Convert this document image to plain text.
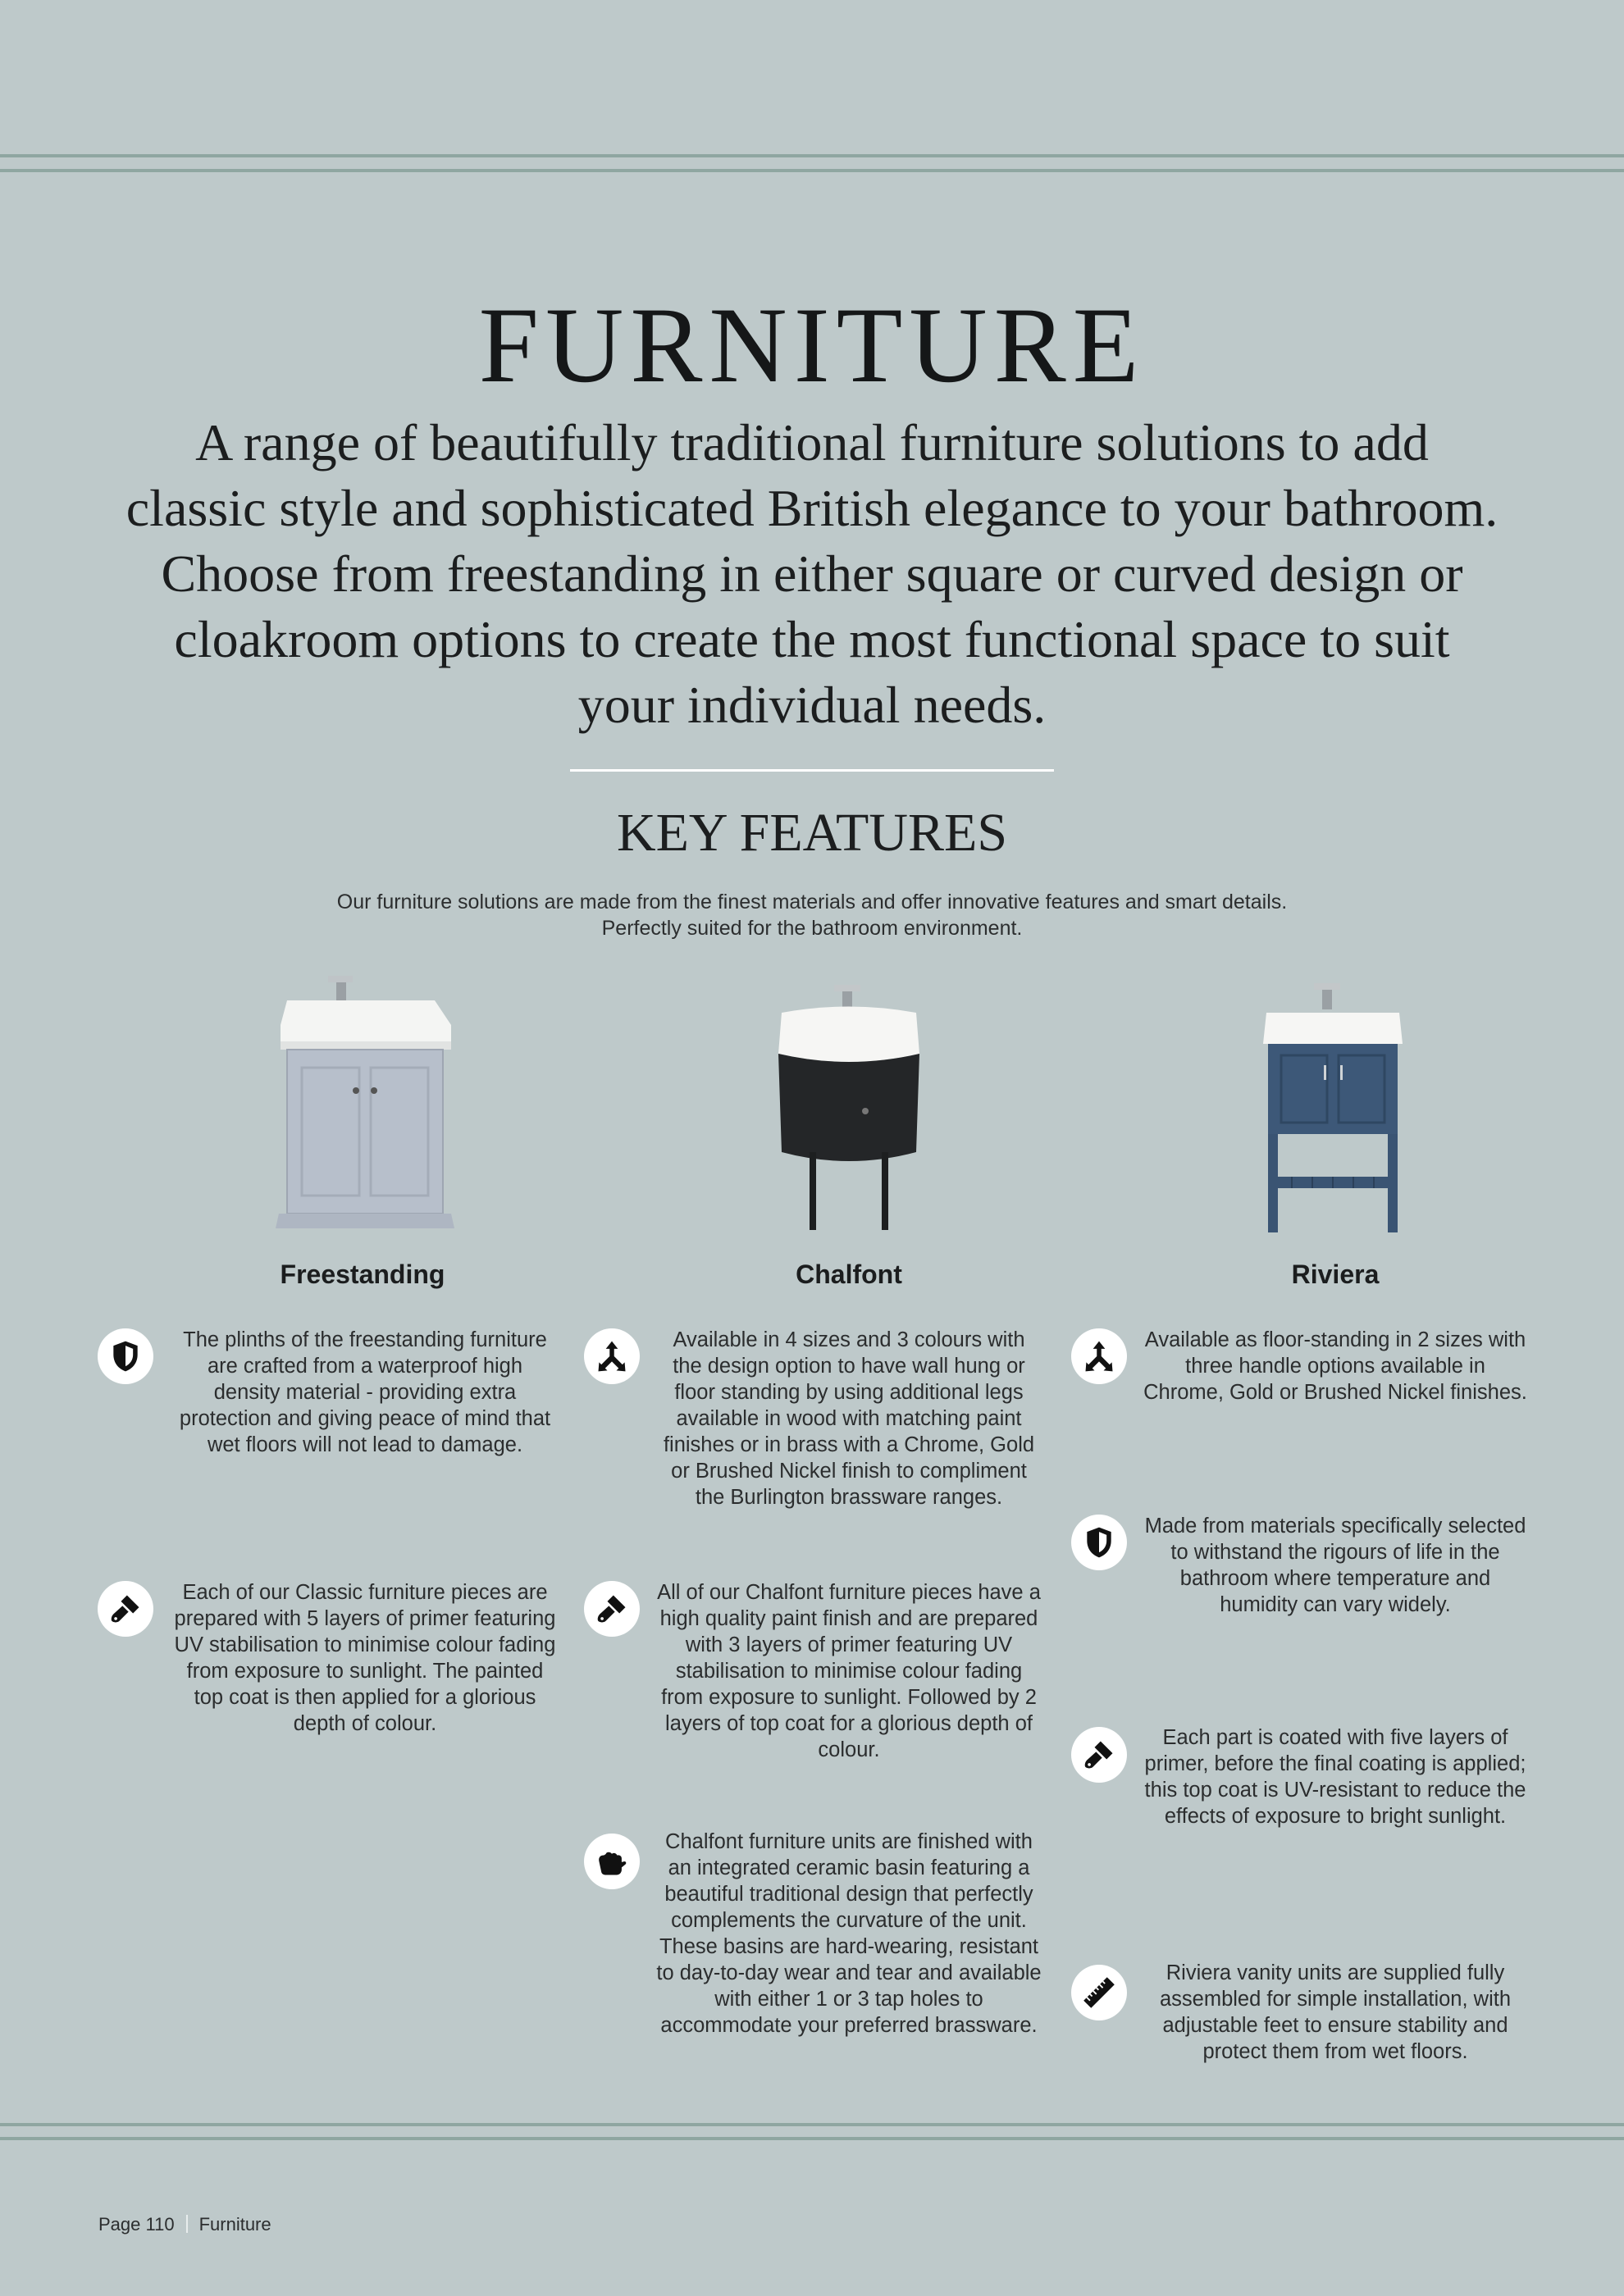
FURNITURE
A range of beautifully traditional furniture solutions to add classic style and sophisticated British elegance to your bathroom. Choose from freestanding in either square or curved design or cloakroom options to create the most functional space to suit your individual needs.
KEY FEATURES
Our furniture solutions are made from the finest materials and offer innovative features and smart details.
Perfectly suited for the bathroom environment.
Freestanding	Chalfont	Riviera
The plinths of the freestanding furniture are crafted from a waterproof high density material - providing extra protection and giving peace of mind that wet floors will not lead to damage.
Each of our Classic furniture pieces are prepared with 5 layers of primer featuring UV stabilisation to minimise colour fading from exposure to sunlight. The painted top coat is then applied for a glorious depth of colour.
Available in 4 sizes and 3 colours with the design option to have wall hung or floor standing by using additional legs available in wood with matching paint finishes or in brass with a Chrome, Gold or Brushed Nickel finish to compliment the Burlington brassware ranges.
All of our Chalfont furniture pieces have a high quality paint finish and are prepared with 3 layers of primer featuring UV stabilisation to minimise colour fading from exposure to sunlight. Followed by 2 layers of top coat for a glorious depth of colour.
Chalfont furniture units are finished with an integrated ceramic basin featuring a beautiful traditional design that perfectly complements the curvature of the unit. These basins are hard-wearing, resistant to day-to-day wear and tear and available with either 1 or 3 tap holes to accommodate your preferred brassware.
Available as floor-standing in 2 sizes with three handle options available in Chrome, Gold or Brushed Nickel finishes.
Made from materials specifically selected to withstand the rigours of life in the bathroom where temperature and humidity can vary widely.
Each part is coated with five layers of primer, before the final coating is applied; this top coat is UV-resistant to reduce the effects of exposure to bright sunlight.
Riviera vanity units are supplied fully assembled for simple installation, with adjustable feet to ensure stability and protect them from wet floors.
Page 110 Furniture
